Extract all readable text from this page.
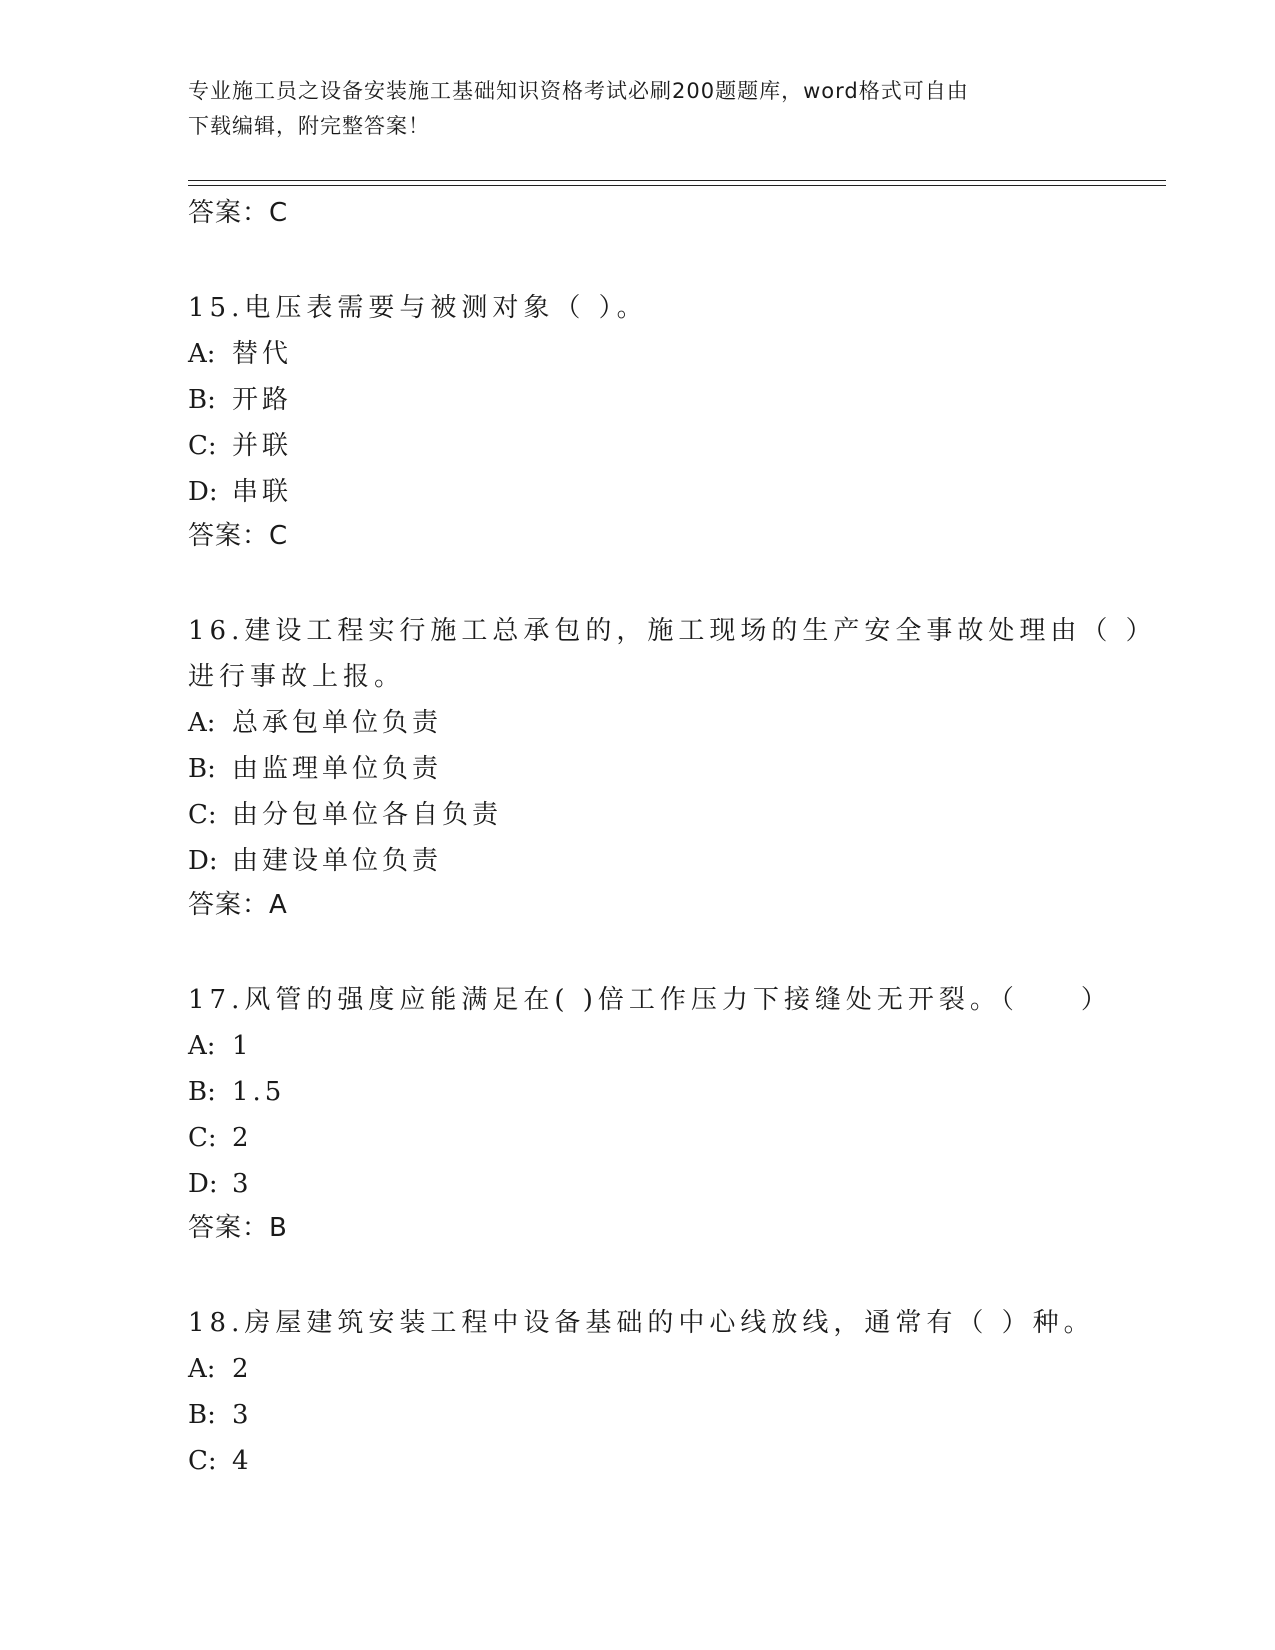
专业施工员之设备安装施工基础知识资格考试必刷200题题库，word格式可自由
下载编辑，附完整答案！
答案：C
15.电压表需要与被测对象（ ）。
A: 替代
B: 开路
C: 并联
D: 串联
答案：C
16.建设工程实行施工总承包的，施工现场的生产安全事故处理由（ ）进行事故上报。
A: 总承包单位负责
B: 由监理单位负责
C: 由分包单位各自负责
D: 由建设单位负责
答案：A
17.风管的强度应能满足在( )倍工作压力下接缝处无开裂。（　　）
A: 1
B: 1.5
C: 2
D: 3
答案：B
18.房屋建筑安装工程中设备基础的中心线放线，通常有（ ）种。
A: 2
B: 3
C: 4
